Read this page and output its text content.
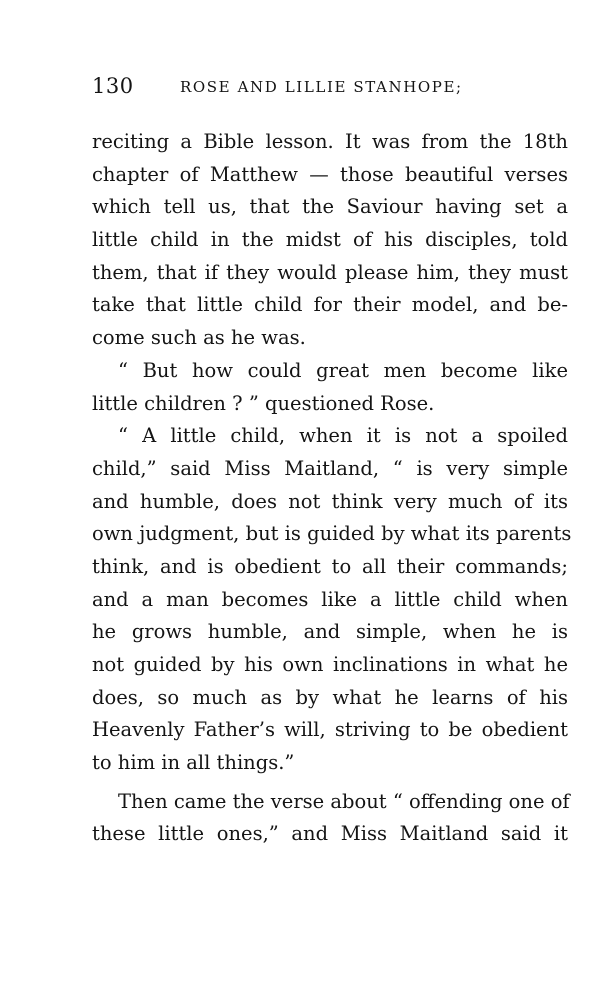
130	ROSE AND LILLIE STANHOPE;
reciting a Bible lesson. It was from the 18th
chapter of Matthew — those beautiful verses
which tell us, that the Saviour having set a
little child in the midst of his disciples, told
them, that if they would please him, they must
take that little child for their model, and be-
come such as he was.
“ But how could great men become like
little children ? ” questioned Rose.
“ A little child, when it is not a spoiled
child,” said Miss Maitland, “ is very simple
and humble, does not think very much of its
own judgment, but is guided by what its parents
think, and is obedient to all their commands;
and a man becomes like a little child when
he grows humble, and simple, when he is
not guided by his own inclinations in what he
does, so much as by what he learns of his
Heavenly Father’s will, striving to be obedient
to him in all things.”
Then came the verse about “ offending one of
these little ones,” and Miss Maitland said it
